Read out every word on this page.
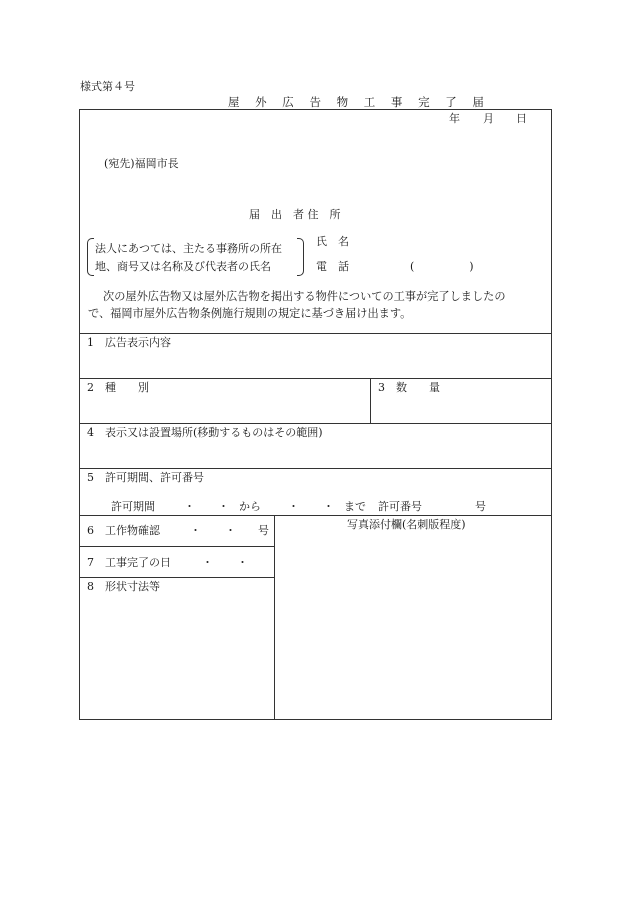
様式第４号
屋 外 広 告 物 工 事 完 了 届
年 月 日
(宛先)福岡市長
届　出　者 住　所
氏　名
電　話	(　　　　　)
法人にあつては、主たる事務所の所在
地、商号又は名称及び代表者の氏名
次の屋外広告物又は屋外広告物を掲出する物件についての工事が完了しましたの
で、福岡市屋外広告物条例施行規則の規定に基づき届け出ます。
1　広告表示内容
2　種　　別	3　数　　量
4　表示又は設置場所(移動するものはその範囲)
5　許可期間、許可番号
許可期間	・ ・ から ・ ・ まで 許可番号	号
6　工作物確認	・ ・ 号
7　工事完了の日	・ ・
8　形状寸法等
写真添付欄(名刺版程度)
